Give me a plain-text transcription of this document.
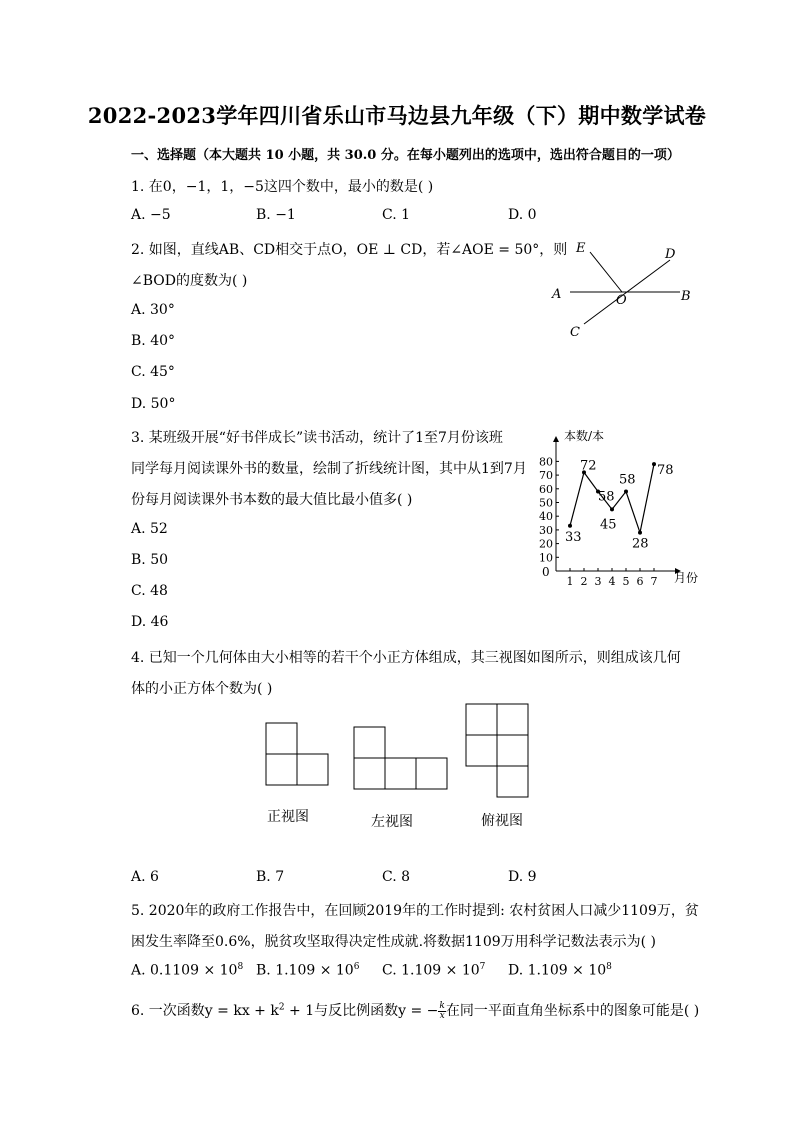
2022-2023学年四川省乐山市马边县九年级（下）期中数学试卷
一、选择题（本大题共 10 小题，共 30.0 分。在每小题列出的选项中，选出符合题目的一项）
1. 在0，−1，1，−5这四个数中，最小的数是( )
A. −5	B. −1	C. 1	D. 0
2. 如图，直线AB、CD相交于点O，OE ⊥ CD，若∠AOE = 50°，则
∠BOD的度数为( )
A. 30°
B. 40°
C. 45°
D. 50°
E	D
A	O	B
C
3. 某班级开展“好书伴成长”读书活动，统计了1至7月份该班
同学每月阅读课外书的数量，绘制了折线统计图，其中从1到7月
份每月阅读课外书本数的最大值比最小值多( )
A. 52
B. 50
C. 48
D. 46
10
20
30
40
50
60
70
80
1 2 3 4 5 6 7
33
72
58
45
58
28
78
本数/本
月份
0
4. 已知一个几何体由大小相等的若干个小正方体组成，其三视图如图所示，则组成该几何
体的小正方体个数为( )
正视图	左视图	俯视图
A. 6	B. 7	C. 8	D. 9
5. 2020年的政府工作报告中，在回顾2019年的工作时提到: 农村贫困人口减少1109万，贫
困发生率降至0.6%，脱贫攻坚取得决定性成就.将数据1109万用科学记数法表示为( )
A. $0.1109 \times 10^8$ B. $1.109 \times 10^6$ C. $1.109 \times 10^7$ D. $1.109 \times 10^8$
6. 一次函数y = kx + $k^2 + 1$与反比例函数y = − $\frac{k}{x}$ 在同一平面直角坐标系中的图象可能是( )
